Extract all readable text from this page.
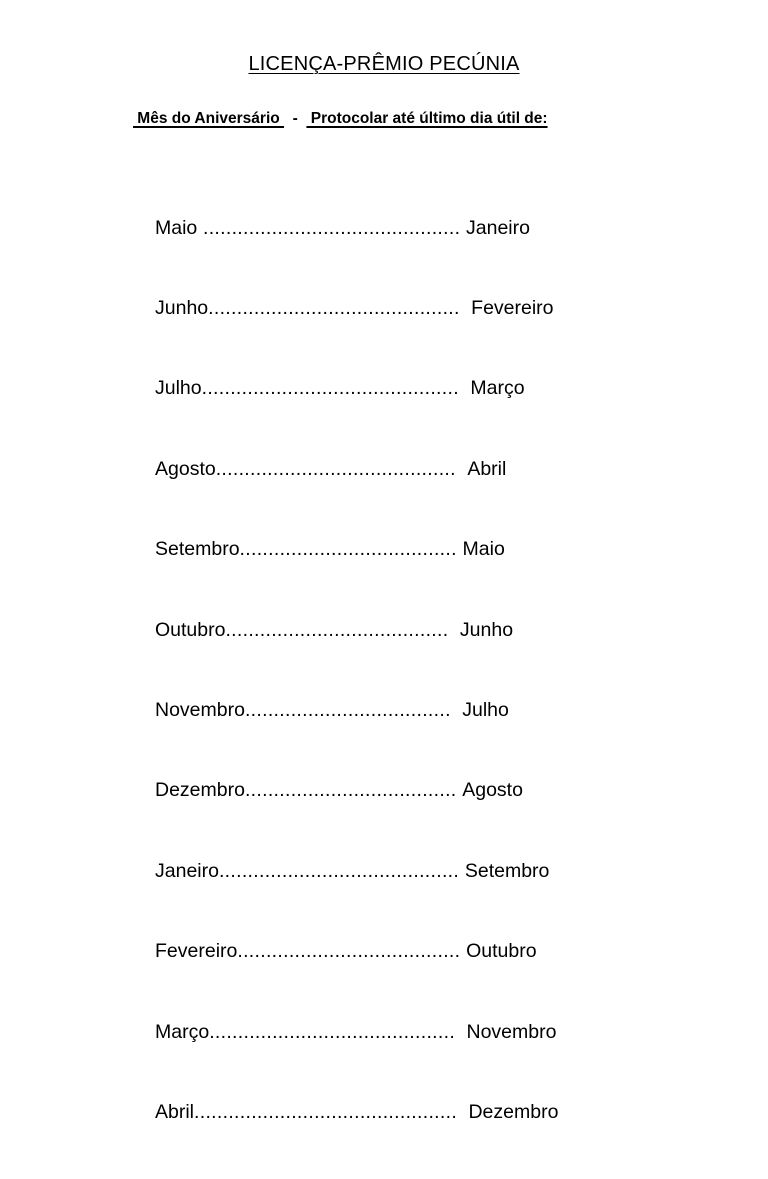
LICENÇA-PRÊMIO PECÚNIA
Mês do Aniversário   -   Protocolar até último dia útil de:

Maio ............................................. Janeiro

Junho............................................  Fevereiro

Julho.............................................  Março

Agosto..........................................  Abril

Setembro...................................... Maio

Outubro.......................................  Junho

Novembro....................................  Julho

Dezembro..................................... Agosto

Janeiro.......................................... Setembro

Fevereiro....................................... Outubro

Março...........................................  Novembro

Abril..............................................  Dezembro
